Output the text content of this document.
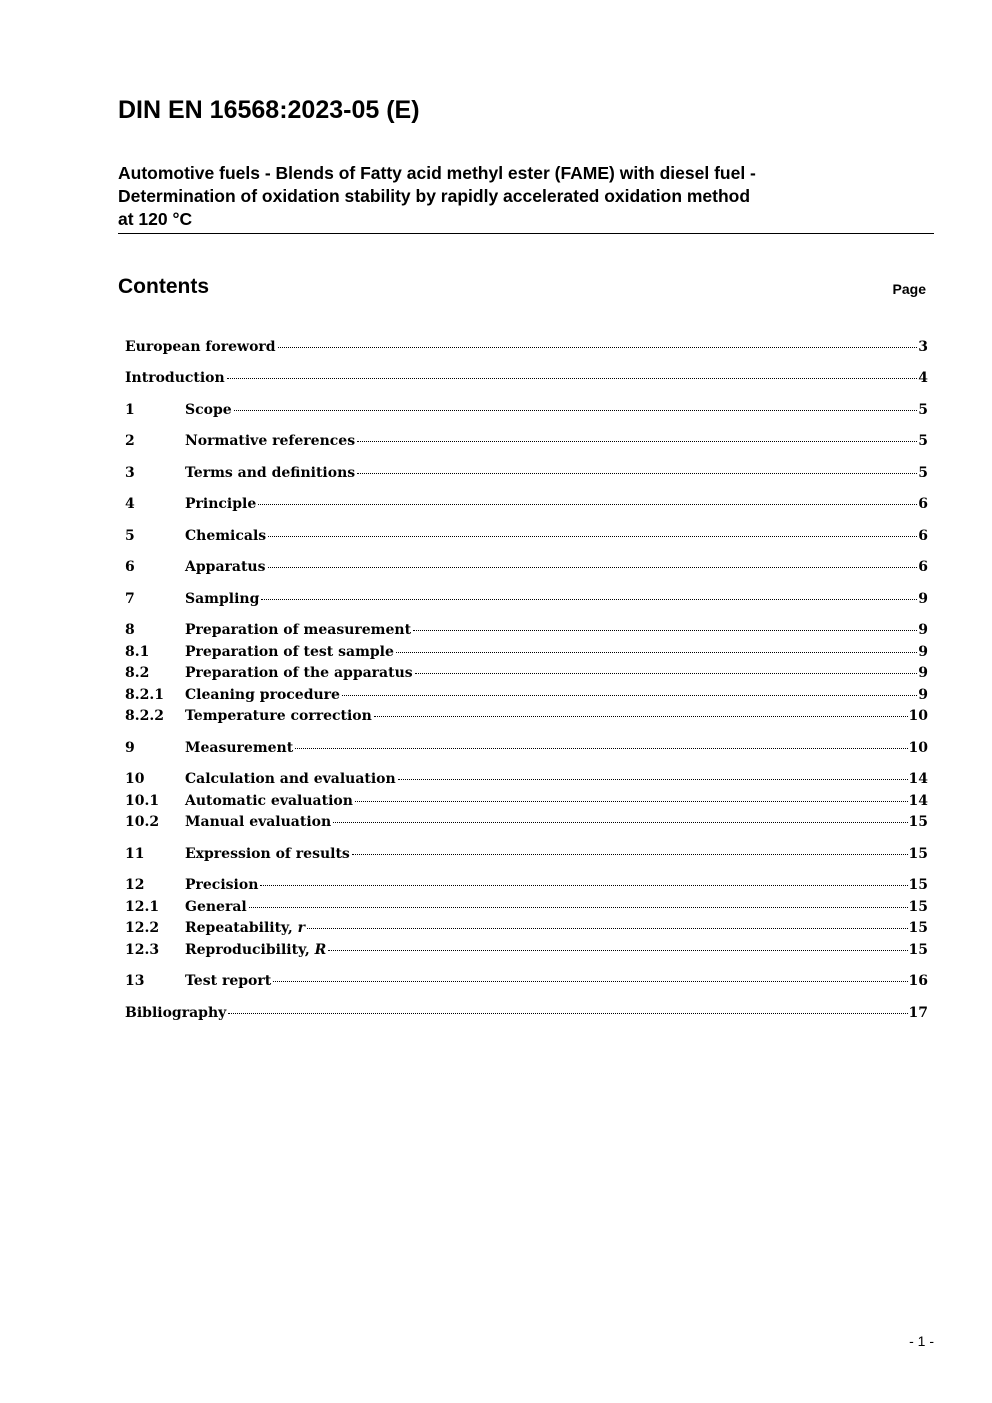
DIN EN 16568:2023-05 (E)
Automotive fuels - Blends of Fatty acid methyl ester (FAME) with diesel fuel -
Determination of oxidation stability by rapidly accelerated oxidation method
at 120 °C
Contents	Page
European foreword	3
Introduction	4
1	Scope	5
2	Normative references	5
3	Terms and definitions	5
4	Principle	6
5	Chemicals	6
6	Apparatus	6
7	Sampling	9
8	Preparation of measurement	9
8.1	Preparation of test sample	9
8.2	Preparation of the apparatus	9
8.2.1	Cleaning procedure	9
8.2.2	Temperature correction	10
9	Measurement	10
10	Calculation and evaluation	14
10.1	Automatic evaluation	14
10.2	Manual evaluation	15
11	Expression of results	15
12	Precision	15
12.1	General	15
12.2	Repeatability, r	15
12.3	Reproducibility, R	15
13	Test report	16
Bibliography	17
- 1 -
